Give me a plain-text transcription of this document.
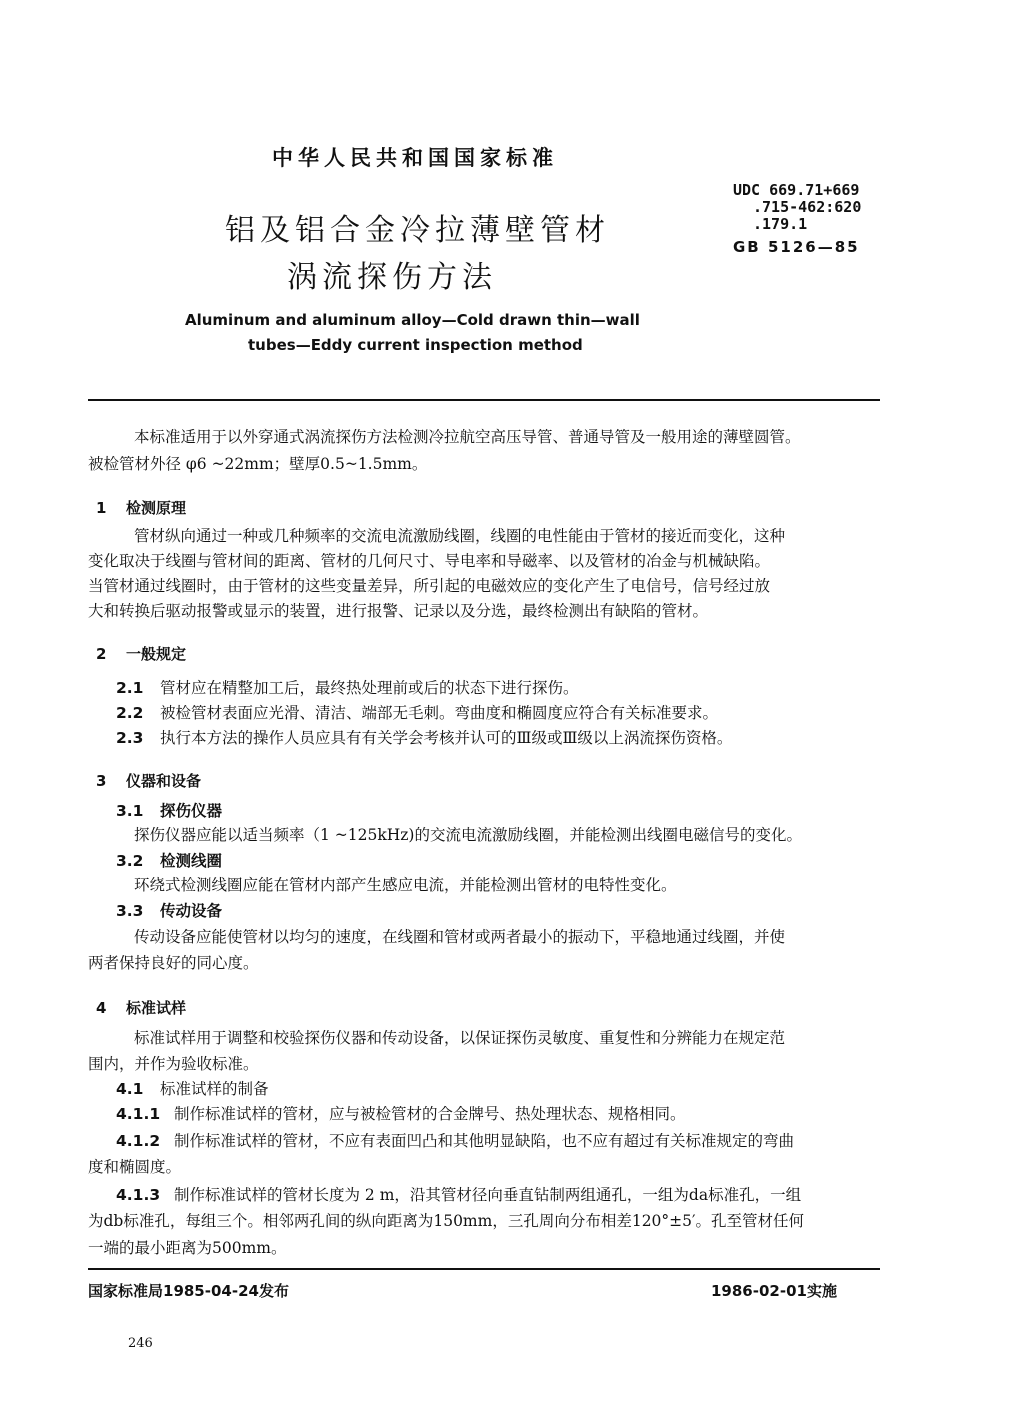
中华人民共和国国家标准
铝及铝合金冷拉薄壁管材
涡流探伤方法
UDC 669.71+669
.715-462:620
.179.1
GB 5126—85
Aluminum and aluminum alloy—Cold drawn thin—wall
tubes—Eddy current inspection method
本标准适用于以外穿通式涡流探伤方法检测冷拉航空高压导管、普通导管及一般用途的薄壁圆管。
被检管材外径 φ6 ~22mm；壁厚0.5~1.5mm。
1 检测原理
管材纵向通过一种或几种频率的交流电流激励线圈，线圈的电性能由于管材的接近而变化，这种
变化取决于线圈与管材间的距离、管材的几何尺寸、导电率和导磁率、以及管材的冶金与机械缺陷。
当管材通过线圈时，由于管材的这些变量差异，所引起的电磁效应的变化产生了电信号，信号经过放
大和转换后驱动报警或显示的装置，进行报警、记录以及分选，最终检测出有缺陷的管材。
2 一般规定
2.1 管材应在精整加工后，最终热处理前或后的状态下进行探伤。
2.2 被检管材表面应光滑、清洁、端部无毛刺。弯曲度和椭圆度应符合有关标准要求。
2.3 执行本方法的操作人员应具有有关学会考核并认可的Ⅲ级或Ⅲ级以上涡流探伤资格。
3 仪器和设备
3.1 探伤仪器
探伤仪器应能以适当频率（1 ~125kHz)的交流电流激励线圈，并能检测出线圈电磁信号的变化。
3.2 检测线圈
环绕式检测线圈应能在管材内部产生感应电流，并能检测出管材的电特性变化。
3.3 传动设备
传动设备应能使管材以均匀的速度，在线圈和管材或两者最小的振动下，平稳地通过线圈，并使
两者保持良好的同心度。
4 标准试样
标准试样用于调整和校验探伤仪器和传动设备，以保证探伤灵敏度、重复性和分辨能力在规定范
围内，并作为验收标准。
4.1 标准试样的制备
4.1.1 制作标准试样的管材，应与被检管材的合金牌号、热处理状态、规格相同。
4.1.2 制作标准试样的管材，不应有表面凹凸和其他明显缺陷，也不应有超过有关标准规定的弯曲
度和椭圆度。
4.1.3 制作标准试样的管材长度为 2 m，沿其管材径向垂直钻制两组通孔，一组为da标准孔，一组
为db标准孔，每组三个。相邻两孔间的纵向距离为150mm，三孔周向分布相差120°±5′。孔至管材任何
一端的最小距离为500mm。
国家标准局1985-04-24发布	1986-02-01实施
246
